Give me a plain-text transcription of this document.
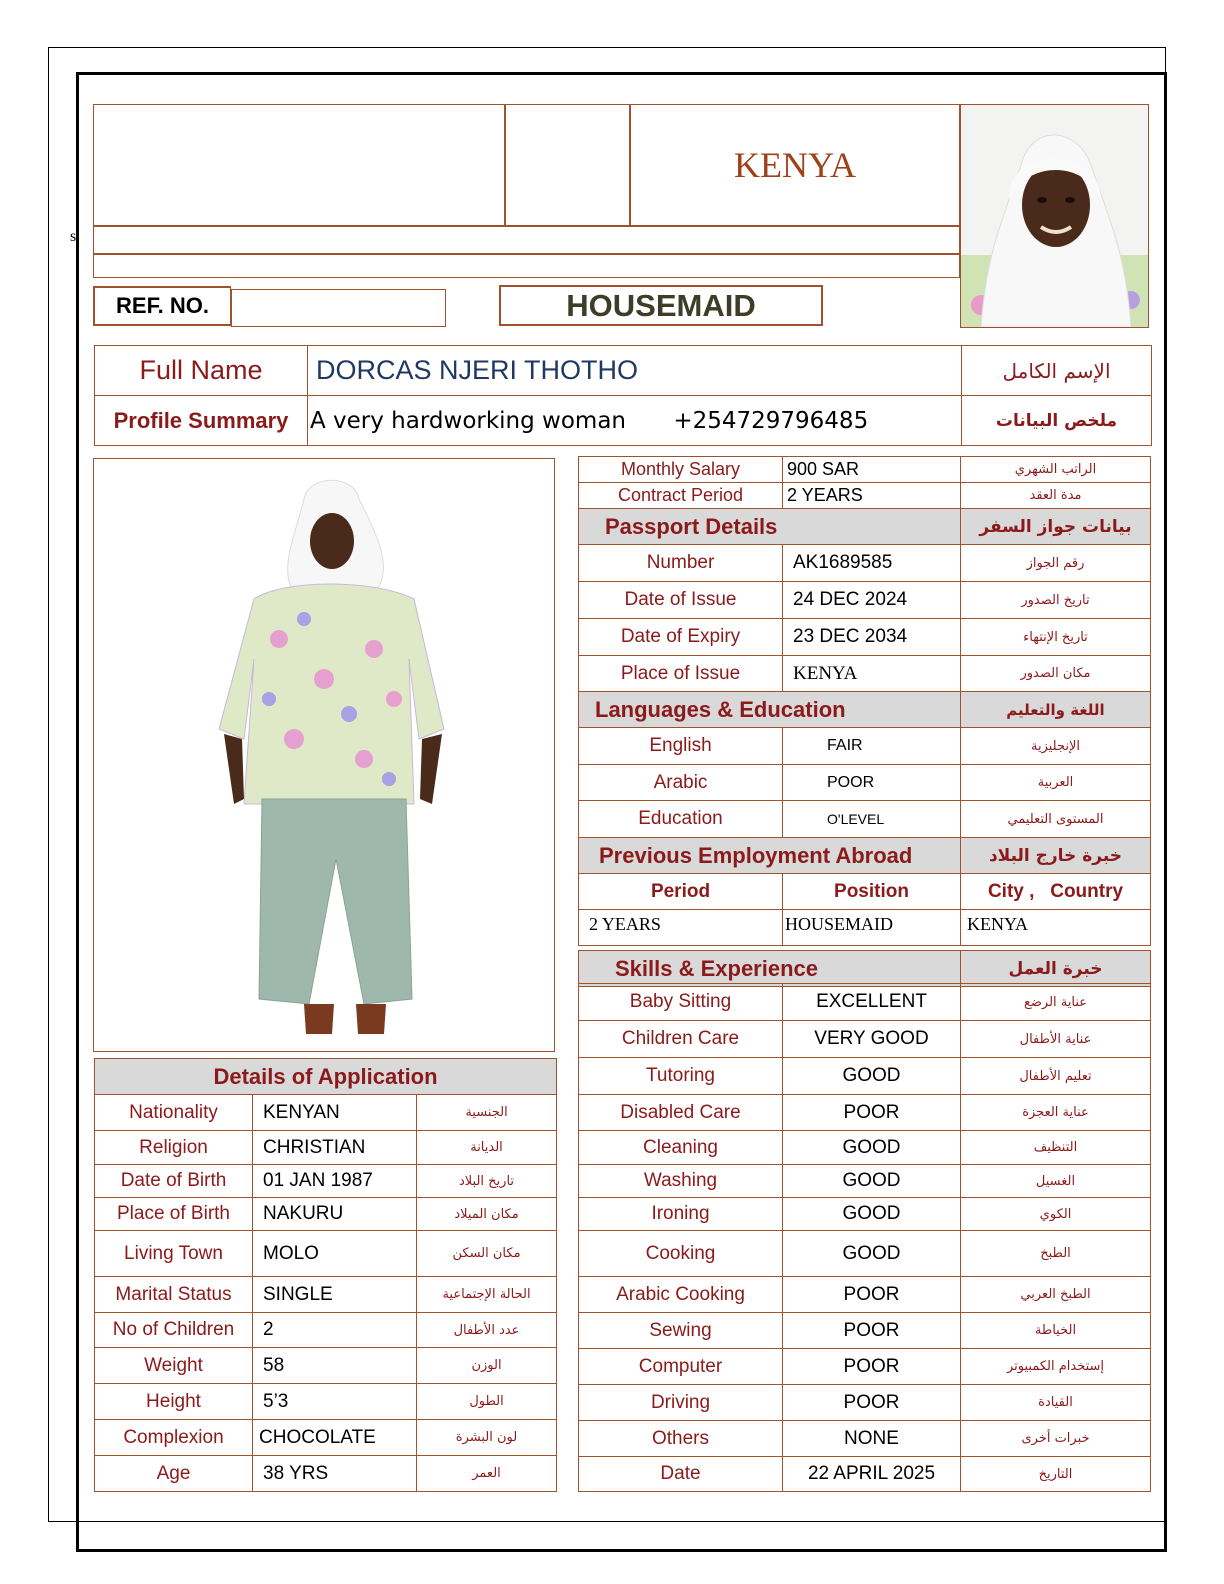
s
KENYA
REF. NO.	HOUSEMAID
Full Name	DORCAS NJERI THOTHO	الإسم الكامل
Profile Summary	A very hardworking woman +254729796485	ملخص البيانات
Monthly Salary	900 SAR	الراتب الشهري
Contract Period	2 YEARS	مدة العقد
Passport Details		بيانات جواز السفر
Number	AK1689585	رقم الجواز
Date of Issue	24 DEC 2024	تاريخ الصدور
Date of Expiry	23 DEC 2034	تاريخ الإنتهاء
Place of Issue	KENYA	مكان الصدور
Languages & Education		اللغة والتعليم
English	FAIR	الإنجليزية
Arabic	POOR	العربية
Education	O'LEVEL	المستوى التعليمي
Previous Employment Abroad		خبرة خارج البلاد
Period	Position	City ,   Country
2 YEARS	HOUSEMAID	KENYA

Skills & Experience		خبرة العمل
Baby Sitting	EXCELLENT	عناية الرضع
Children Care	VERY GOOD	عناية الأطفال
Tutoring	GOOD	تعليم الأطفال
Disabled Care	POOR	عناية العجزة
Cleaning	GOOD	التنظيف
Washing	GOOD	الغسيل
Ironing	GOOD	الكوي
Cooking	GOOD	الطبخ
Arabic Cooking	POOR	الطبخ العربي
Sewing	POOR	الخياطة
Computer	POOR	إستخدام الكمبيوتر
Driving	POOR	القيادة
Others	NONE	خبرات أخرى
Date	22 APRIL 2025	التاريخ
Details of Application		
Nationality	KENYAN	الجنسية
Religion	CHRISTIAN	الديانة
Date of Birth	01 JAN 1987	تاريخ البلاد
Place of Birth	NAKURU	مكان الميلاد
Living Town	MOLO	مكان السكن
Marital Status	SINGLE	الحالة الإجتماعية
No of Children	2	عدد الأطفال
Weight	58	الوزن
Height	5’3	الطول
Complexion	CHOCOLATE	لون البشرة
Age	38 YRS	العمر
